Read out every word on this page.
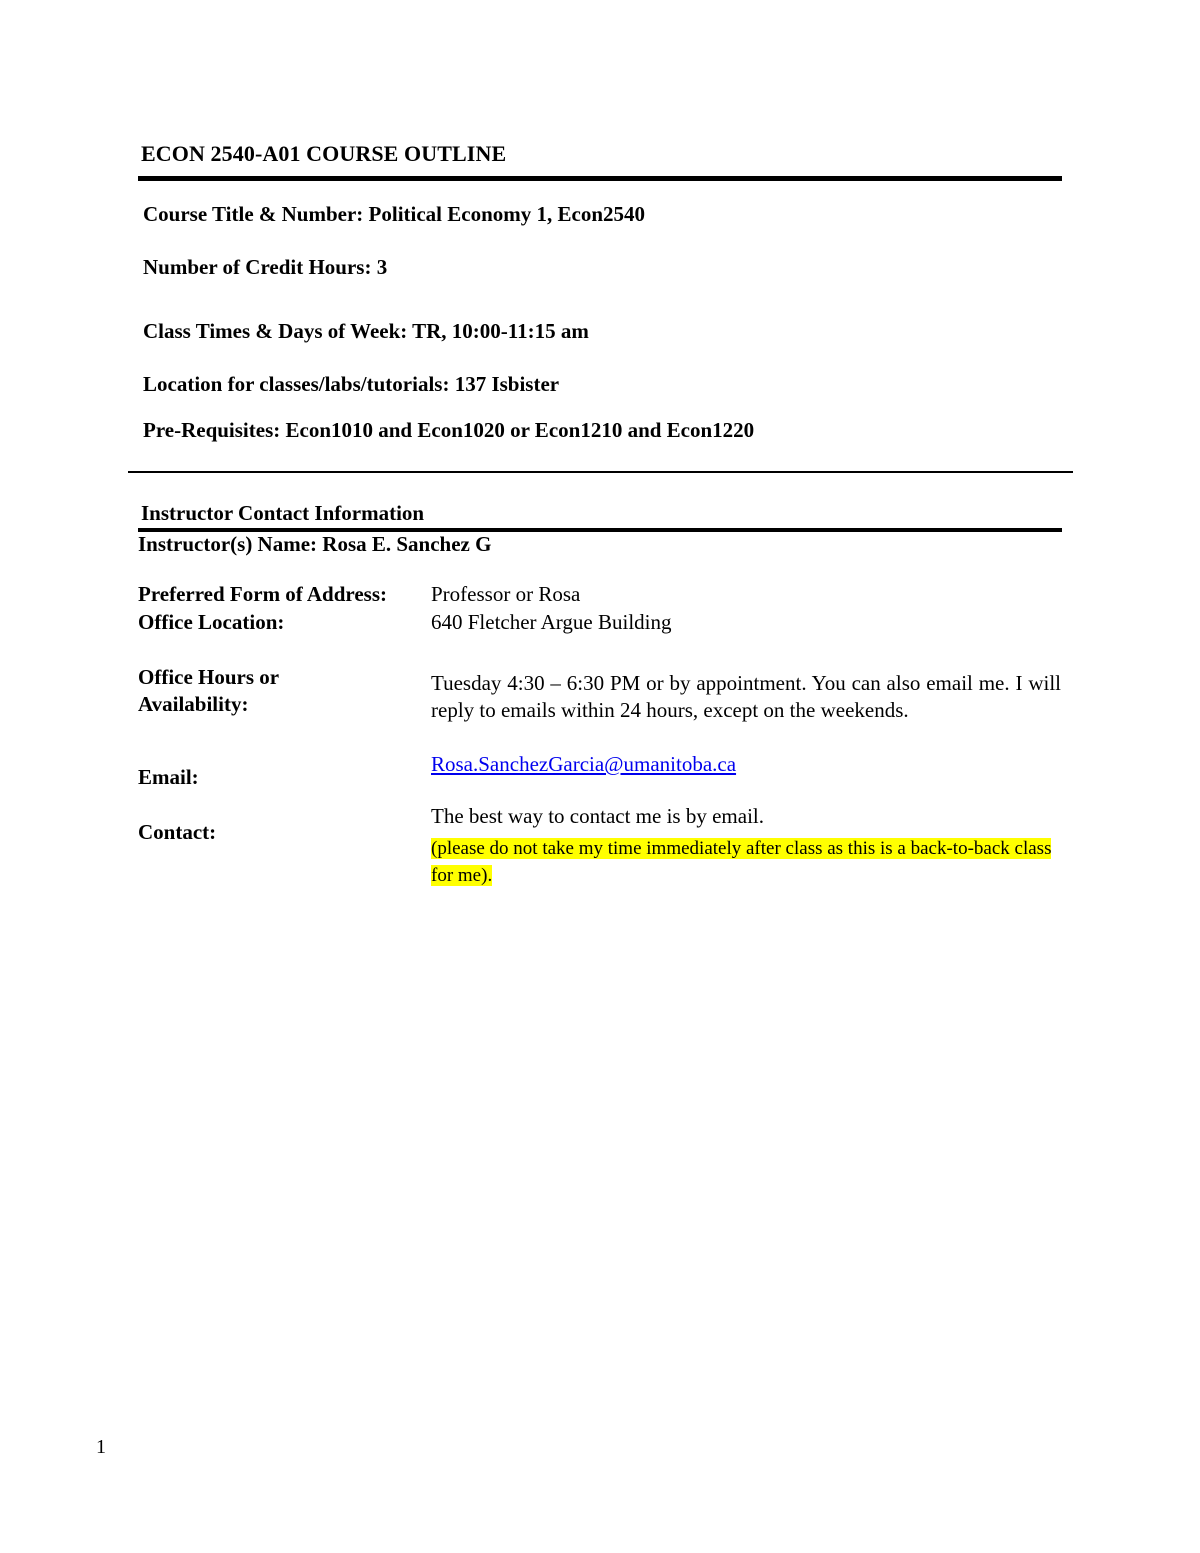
ECON 2540-A01 COURSE OUTLINE
Course Title & Number: Political Economy 1, Econ2540
Number of Credit Hours: 3
Class Times & Days of Week: TR, 10:00-11:15 am
Location for classes/labs/tutorials: 137 Isbister
Pre-Requisites: Econ1010 and Econ1020 or Econ1210 and Econ1220
Instructor Contact Information
Instructor(s) Name: Rosa E. Sanchez G
Preferred Form of Address: Professor or Rosa
Office Location:	640 Fletcher Argue Building
Office Hours or
Availability:
Tuesday 4:30 – 6:30 PM or by appointment. You can also email me. I will reply to emails within 24 hours, except on the weekends.
Email:
Rosa.SanchezGarcia@umanitoba.ca
Contact:
The best way to contact me is by email.
(please do not take my time immediately after class as this is a back-to-back class for me).
1
